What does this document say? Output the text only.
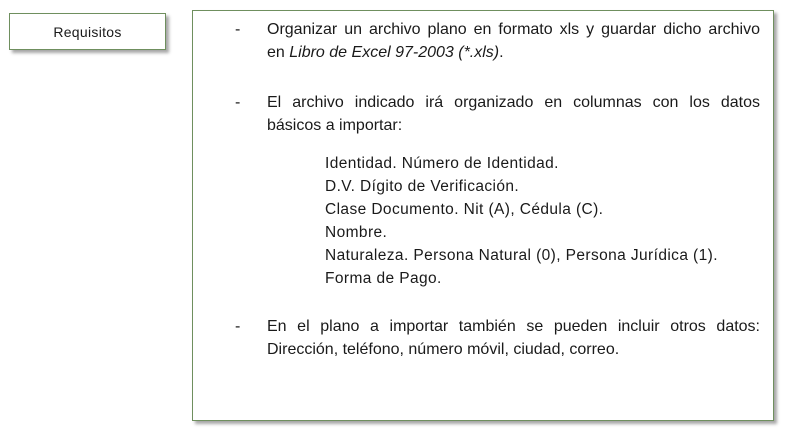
Requisitos	- Organizar un archivo plano en formato xls y guardar dicho archivo
en Libro de Excel 97-2003 (*.xls).
- El archivo indicado irá organizado en columnas con los datos
básicos a importar:
Identidad. Número de Identidad.
D.V. Dígito de Verificación.
Clase Documento. Nit (A), Cédula (C).
Nombre.
Naturaleza. Persona Natural (0), Persona Jurídica (1).
Forma de Pago.
- En el plano a importar también se pueden incluir otros datos:
Dirección, teléfono, número móvil, ciudad, correo.
